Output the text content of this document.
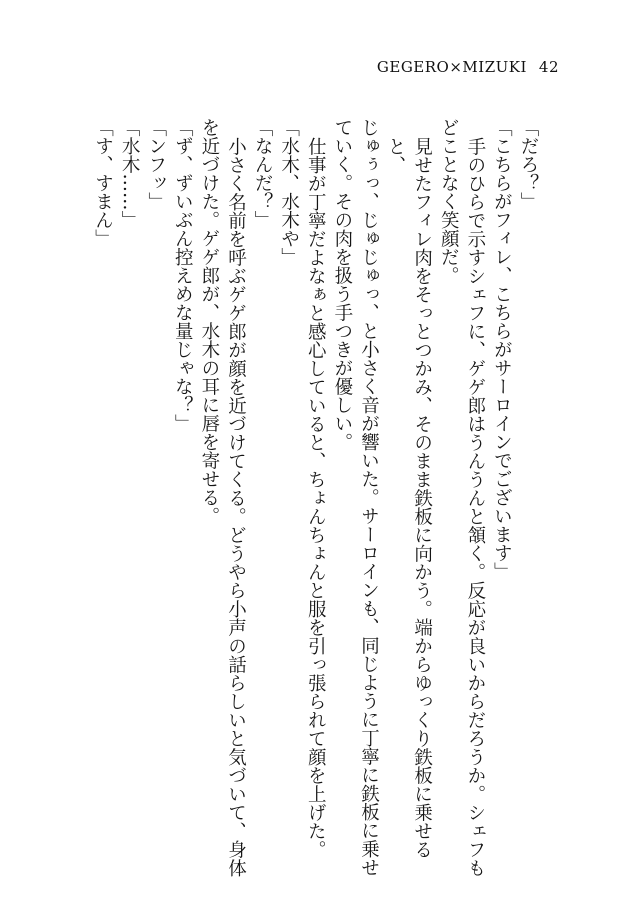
GEGERO×MIZUKI 42

「だろ？」

「こちらがフィレ、こちらがサーロインでございます」

手のひらで示すシェフに、ゲゲ郎はうんうんと頷く。反応が良いからだろうか。シェフも

どことなく笑顔だ。

見せたフィレ肉をそっとつかみ、そのまま鉄板に向かう。端からゆっくり鉄板に乗せると、

じゅぅっ、じゅじゅっ、と小さく音が響いた。サーロインも、同じように丁寧に鉄板に乗せ

ていく。その肉を扱う手つきが優しい。

仕事が丁寧だよなぁと感心していると、ちょんちょんと服を引っ張られて顔を上げた。

「水木、水木や」

「なんだ？」

小さく名前を呼ぶゲゲ郎が顔を近づけてくる。どうやら小声の話らしいと気づいて、身体

を近づけた。ゲゲ郎が、水木の耳に唇を寄せる。

「ず、ずいぶん控えめな量じゃな？」

「ンフッ」

「水木……」

「す、すまん」
